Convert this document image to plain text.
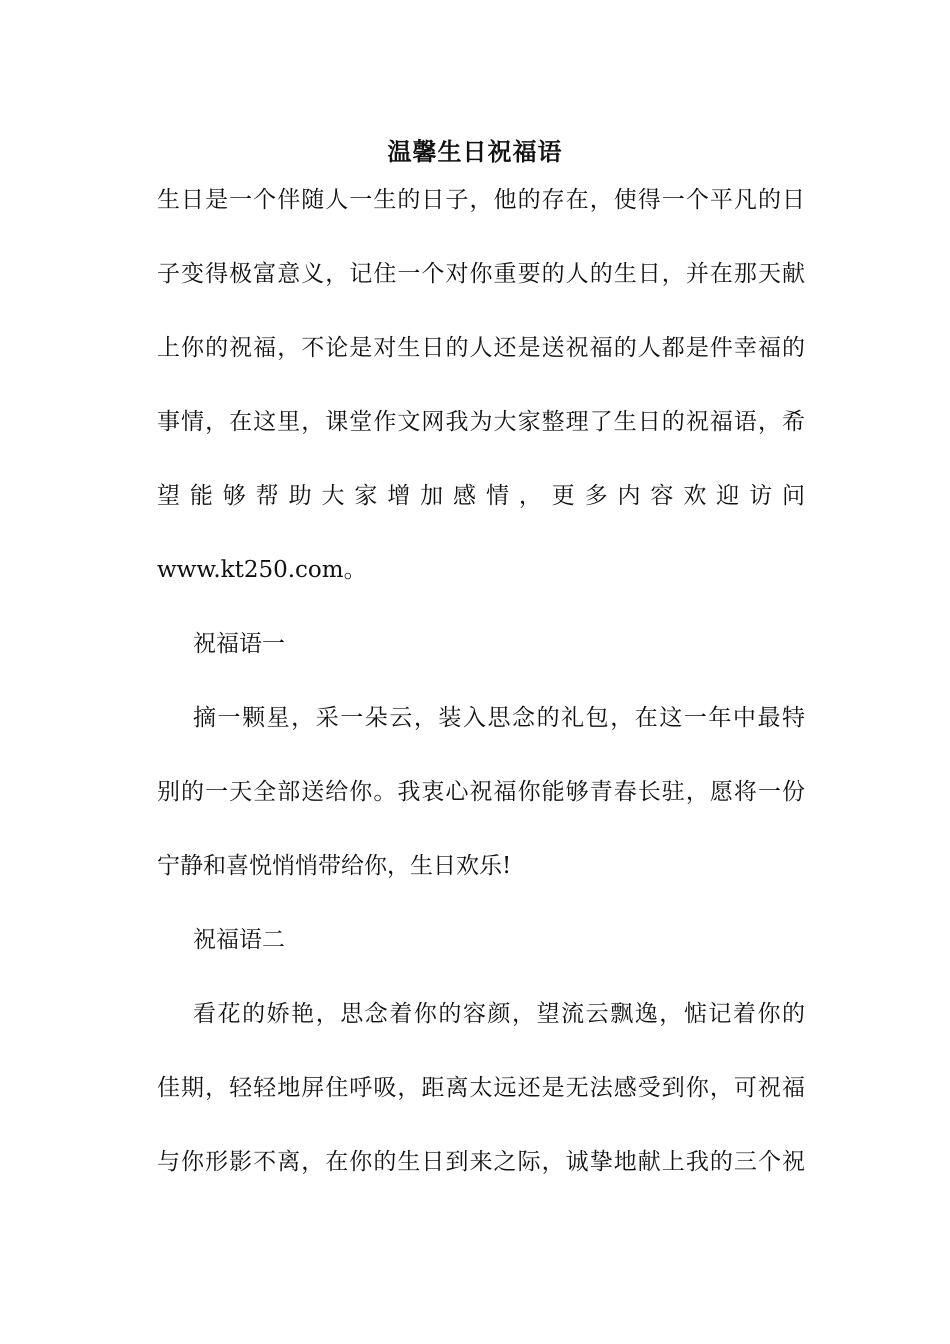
温馨生日祝福语
生日是一个伴随人一生的日子，他的存在，使得一个平凡的日
子变得极富意义，记住一个对你重要的人的生日，并在那天献
上你的祝福，不论是对生日的人还是送祝福的人都是件幸福的
事情，在这里，课堂作文网我为大家整理了生日的祝福语，希
望能够帮助大家增加感情，更多内容欢迎访问
www.kt250.com。
祝福语一
摘一颗星，采一朵云，装入思念的礼包，在这一年中最特
别的一天全部送给你。我衷心祝福你能够青春长驻，愿将一份
宁静和喜悦悄悄带给你，生日欢乐!
祝福语二
看花的娇艳，思念着你的容颜，望流云飘逸，惦记着你的
佳期，轻轻地屏住呼吸，距离太远还是无法感受到你，可祝福
与你形影不离，在你的生日到来之际，诚挚地献上我的三个祝
